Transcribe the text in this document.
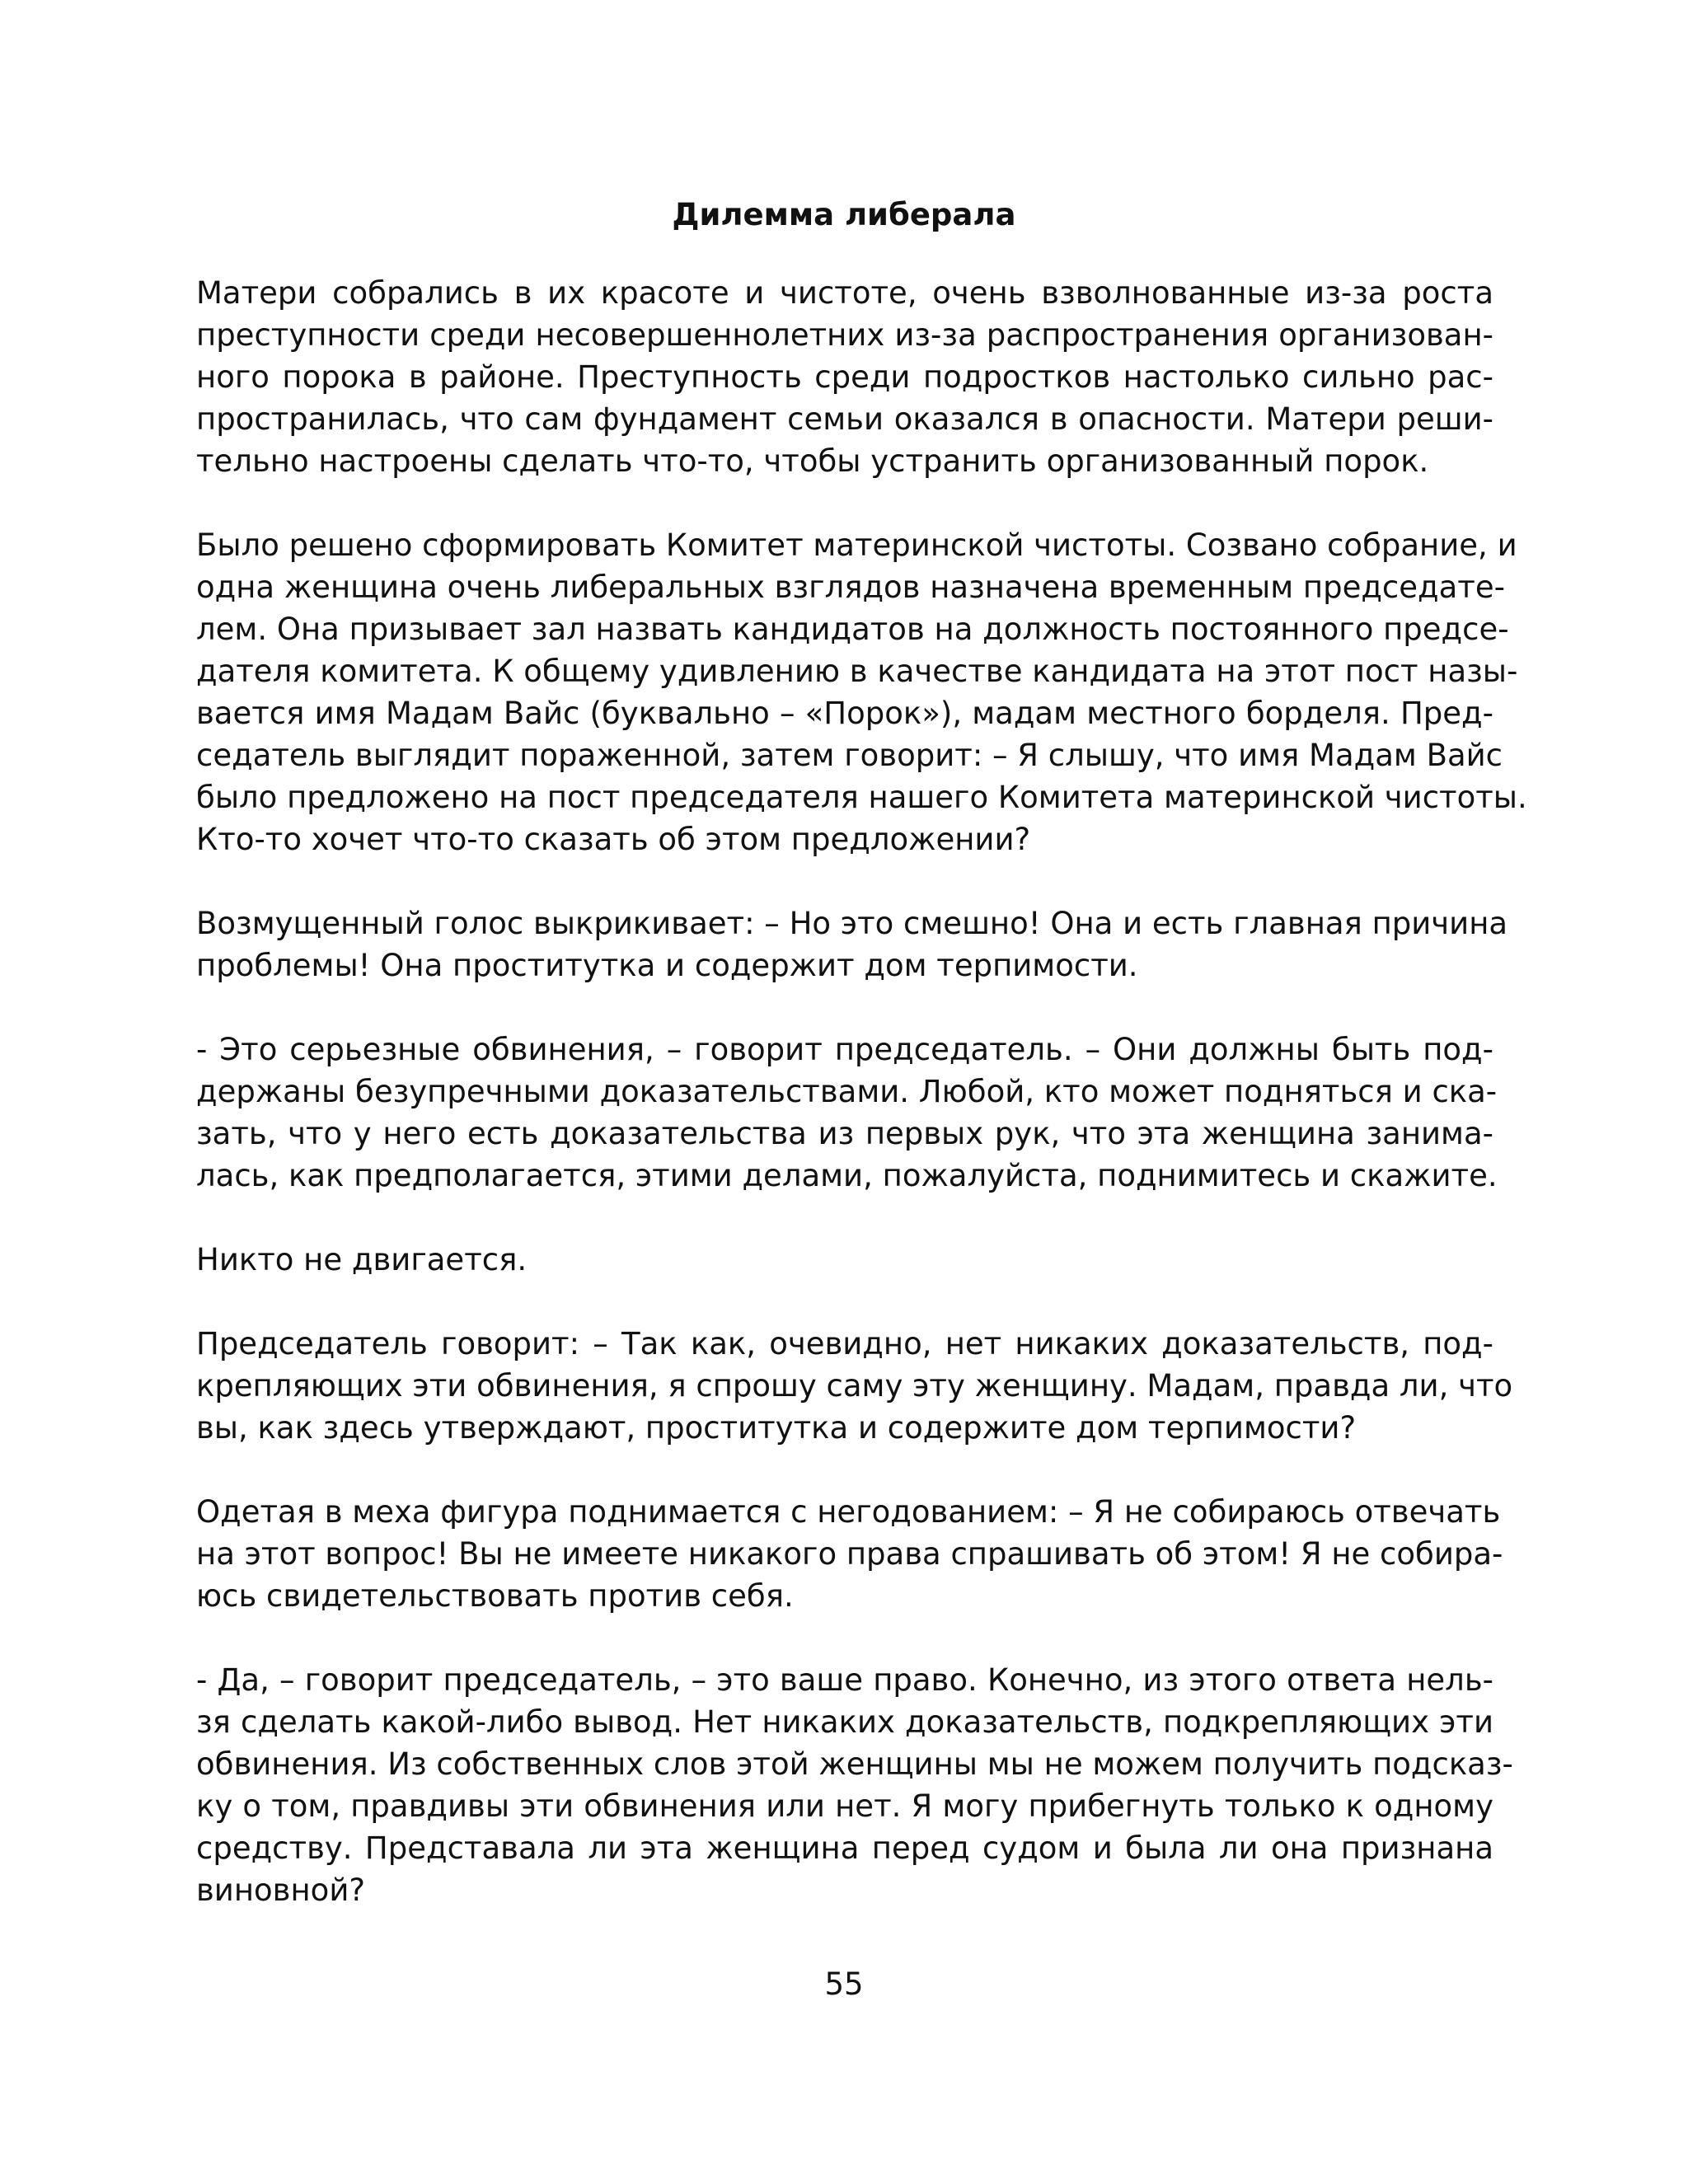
Дилемма либерала

Матери собрались в их красоте и чистоте, очень взволнованные из-за роста
преступности среди несовершеннолетних из-за распространения организован-
ного порока в районе. Преступность среди подростков настолько сильно рас-
пространилась, что сам фундамент семьи оказался в опасности. Матери реши-
тельно настроены сделать что-то, чтобы устранить организованный порок.

Было решено сформировать Комитет материнской чистоты. Созвано собрание, и
одна женщина очень либеральных взглядов назначена временным председате-
лем. Она призывает зал назвать кандидатов на должность постоянного предсе-
дателя комитета. К общему удивлению в качестве кандидата на этот пост назы-
вается имя Мадам Вайс (буквально – «Порок»), мадам местного борделя. Пред-
седатель выглядит пораженной, затем говорит: – Я слышу, что имя Мадам Вайс
было предложено на пост председателя нашего Комитета материнской чистоты.
Кто-то хочет что-то сказать об этом предложении?

Возмущенный голос выкрикивает: – Но это смешно! Она и есть главная причина
проблемы! Она проститутка и содержит дом терпимости.

- Это серьезные обвинения, – говорит председатель. – Они должны быть под-
держаны безупречными доказательствами. Любой, кто может подняться и ска-
зать, что у него есть доказательства из первых рук, что эта женщина занима-
лась, как предполагается, этими делами, пожалуйста, поднимитесь и скажите.

Никто не двигается.

Председатель говорит: – Так как, очевидно, нет никаких доказательств, под-
крепляющих эти обвинения, я спрошу саму эту женщину. Мадам, правда ли, что
вы, как здесь утверждают, проститутка и содержите дом терпимости?

Одетая в меха фигура поднимается с негодованием: – Я не собираюсь отвечать
на этот вопрос! Вы не имеете никакого права спрашивать об этом! Я не собира-
юсь свидетельствовать против себя.

- Да, – говорит председатель, – это ваше право. Конечно, из этого ответа нель-
зя сделать какой-либо вывод. Нет никаких доказательств, подкрепляющих эти
обвинения. Из собственных слов этой женщины мы не можем получить подсказ-
ку о том, правдивы эти обвинения или нет. Я могу прибегнуть только к одному
средству. Представала ли эта женщина перед судом и была ли она признана
виновной?

55
